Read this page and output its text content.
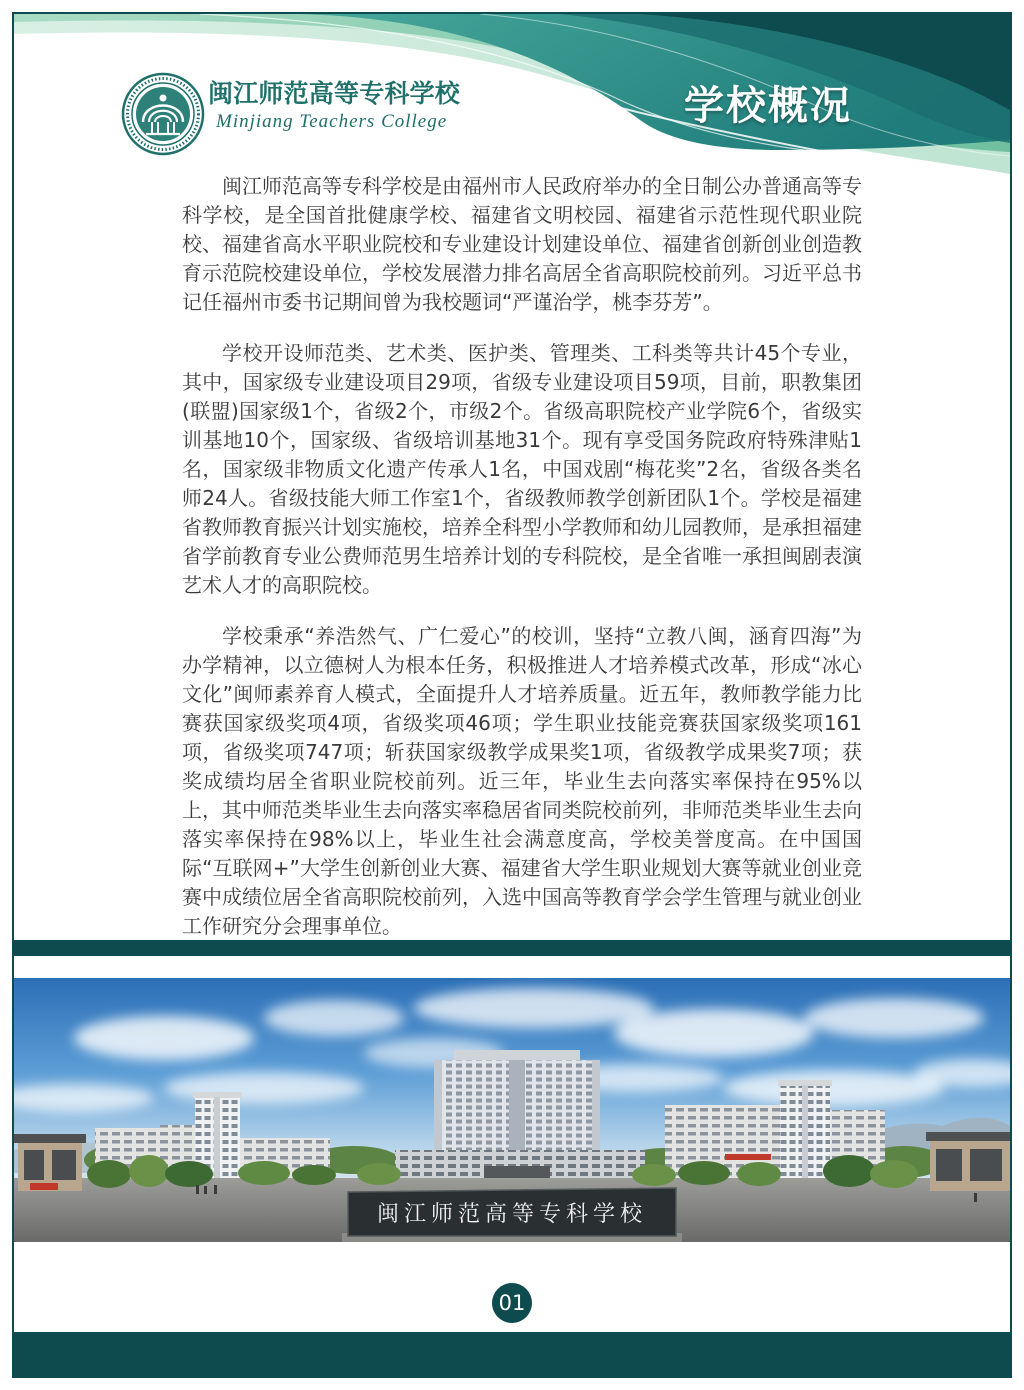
闽江师范高等专科学校
Minjiang Teachers College	学校概况

闽江师范高等专科学校是由福州市人民政府举办的全日制公办普通高等专科学校，是全国首批健康学校、福建省文明校园、福建省示范性现代职业院校、福建省高水平职业院校和专业建设计划建设单位、福建省创新创业创造教育示范院校建设单位，学校发展潜力排名高居全省高职院校前列。习近平总书记任福州市委书记期间曾为我校题词“严谨治学，桃李芬芳”。

学校开设师范类、艺术类、医护类、管理类、工科类等共计45个专业，其中，国家级专业建设项目29项，省级专业建设项目59项，目前，职教集团(联盟)国家级1个，省级2个，市级2个。省级高职院校产业学院6个，省级实训基地10个，国家级、省级培训基地31个。现有享受国务院政府特殊津贴1名，国家级非物质文化遗产传承人1名，中国戏剧“梅花奖”2名，省级各类名师24人。省级技能大师工作室1个，省级教师教学创新团队1个。学校是福建省教师教育振兴计划实施校，培养全科型小学教师和幼儿园教师，是承担福建省学前教育专业公费师范男生培养计划的专科院校，是全省唯一承担闽剧表演艺术人才的高职院校。

学校秉承“养浩然气、广仁爱心”的校训，坚持“立教八闽，涵育四海”为办学精神，以立德树人为根本任务，积极推进人才培养模式改革，形成“冰心文化”闽师素养育人模式，全面提升人才培养质量。近五年，教师教学能力比赛获国家级奖项4项，省级奖项46项；学生职业技能竞赛获国家级奖项161项，省级奖项747项；斩获国家级教学成果奖1项，省级教学成果奖7项；获奖成绩均居全省职业院校前列。近三年，毕业生去向落实率保持在95%以上，其中师范类毕业生去向落实率稳居省同类院校前列，非师范类毕业生去向落实率保持在98%以上，毕业生社会满意度高，学校美誉度高。在中国国际“互联网+”大学生创新创业大赛、福建省大学生职业规划大赛等就业创业竞赛中成绩位居全省高职院校前列，入选中国高等教育学会学生管理与就业创业工作研究分会理事单位。

闽江师范高等专科学校
01
